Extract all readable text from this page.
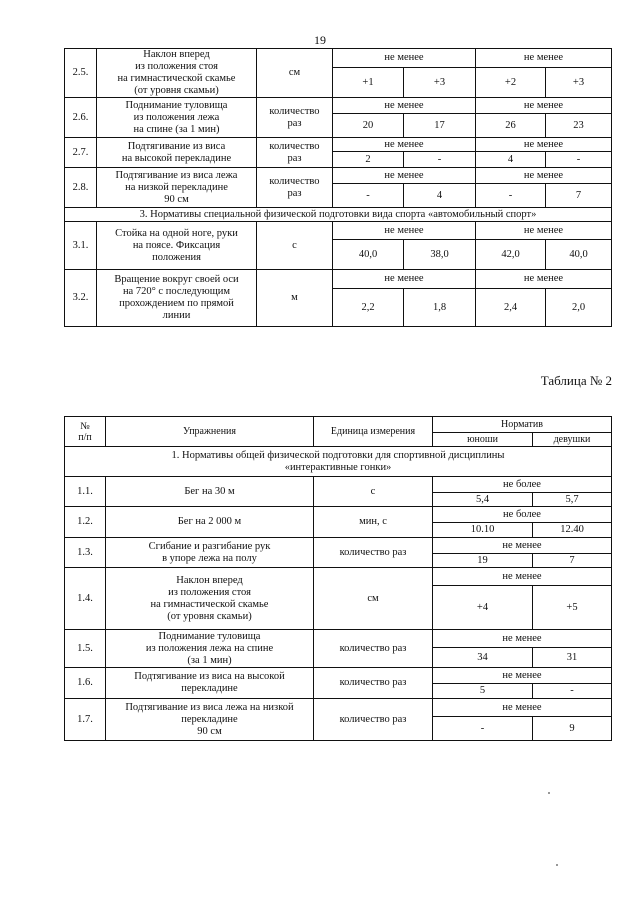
19
2.5.	Наклон вперед
из положения стоя
на гимнастической скамье
(от уровня скамьи)	см	не менее		не менее	
			+1	+3	+2	+3
2.6.	Поднимание туловища
из положения лежа
на спине (за 1 мин)	количество
раз	не менее		не менее	
			20	17	26	23
2.7.	Подтягивание из виса
на высокой перекладине	количество
раз	не менее		не менее	
			2	-	4	-
2.8.	Подтягивание из виса лежа
на низкой перекладине
90 см	количество
раз	не менее		не менее	
			-	4	-	7
3. Нормативы специальной физической подготовки вида спорта «автомобильный спорт»						
3.1.	Стойка на одной ноге, руки
на поясе. Фиксация
положения	с	не менее		не менее	
			40,0	38,0	42,0	40,0
3.2.	Вращение вокруг своей оси
на 720° с последующим
прохождением по прямой
линии	м	не менее		не менее	
			2,2	1,8	2,4	2,0
Таблица № 2
№
п/п	Упражнения	Единица измерения	Норматив	
			юноши	девушки
1. Нормативы общей физической подготовки для спортивной дисциплины
«интерактивные гонки»				
1.1.	Бег на 30 м	с	не более	
			5,4	5,7
1.2.	Бег на 2 000 м	мин, с	не более	
			10.10	12.40
1.3.	Сгибание и разгибание рук
в упоре лежа на полу	количество раз	не менее	
			19	7
1.4.	Наклон вперед
из положения стоя
на гимнастической скамье
(от уровня скамьи)	см	не менее	
			+4	+5
1.5.	Поднимание туловища
из положения лежа на спине
(за 1 мин)	количество раз	не менее	
			34	31
1.6.	Подтягивание из виса на высокой
перекладине	количество раз	не менее	
			5	-
1.7.	Подтягивание из виса лежа на низкой
перекладине
90 см	количество раз	не менее	
			-	9
